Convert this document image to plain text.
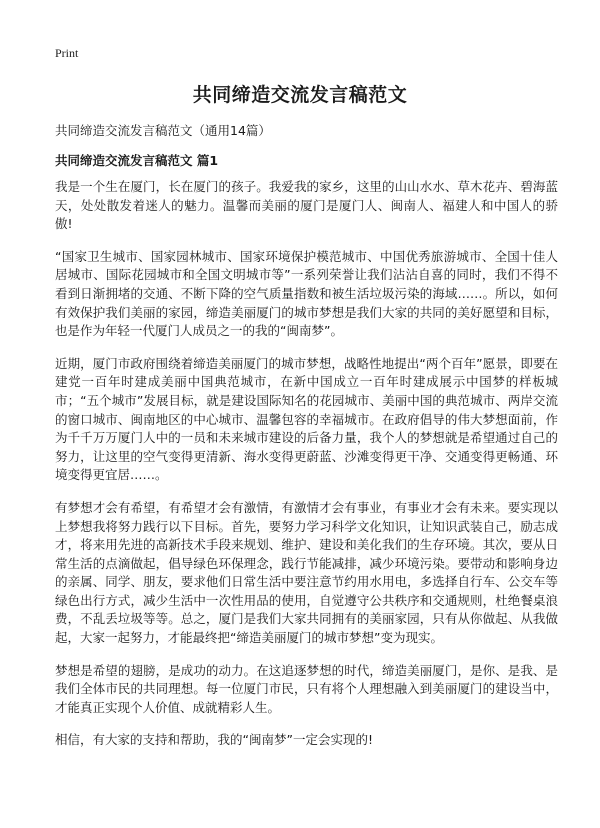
Print
共同缔造交流发言稿范文

共同缔造交流发言稿范文（通用14篇）

共同缔造交流发言稿范文 篇1

我是一个生在厦门，长在厦门的孩子。我爱我的家乡，这里的山山水水、草木花卉、碧海蓝天，处处散发着迷人的魅力。温馨而美丽的厦门是厦门人、闽南人、福建人和中国人的骄傲!

“国家卫生城市、国家园林城市、国家环境保护模范城市、中国优秀旅游城市、全国十佳人居城市、国际花园城市和全国文明城市等”一系列荣誉让我们沾沾自喜的同时，我们不得不看到日渐拥堵的交通、不断下降的空气质量指数和被生活垃圾污染的海域……。所以，如何有效保护我们美丽的家园，缔造美丽厦门的城市梦想是我们大家的共同的美好愿望和目标，也是作为年轻一代厦门人成员之一的我的“闽南梦”。

近期，厦门市政府围绕着缔造美丽厦门的城市梦想，战略性地提出“两个百年”愿景，即要在建党一百年时建成美丽中国典范城市，在新中国成立一百年时建成展示中国梦的样板城市；“五个城市”发展目标，就是建设国际知名的花园城市、美丽中国的典范城市、两岸交流的窗口城市、闽南地区的中心城市、温馨包容的幸福城市。在政府倡导的伟大梦想面前，作为千千万万厦门人中的一员和未来城市建设的后备力量，我个人的梦想就是希望通过自己的努力，让这里的空气变得更清新、海水变得更蔚蓝、沙滩变得更干净、交通变得更畅通、环境变得更宜居……。

有梦想才会有希望，有希望才会有激情，有激情才会有事业，有事业才会有未来。要实现以上梦想我将努力践行以下目标。首先，要努力学习科学文化知识，让知识武装自己，励志成才，将来用先进的高新技术手段来规划、维护、建设和美化我们的生存环境。其次，要从日常生活的点滴做起，倡导绿色环保理念，践行节能减排，减少环境污染。要带动和影响身边的亲属、同学、朋友，要求他们日常生活中要注意节约用水用电，多选择自行车、公交车等绿色出行方式，减少生活中一次性用品的使用，自觉遵守公共秩序和交通规则，杜绝餐桌浪费，不乱丢垃圾等等。总之，厦门是我们大家共同拥有的美丽家园，只有从你做起、从我做起，大家一起努力，才能最终把“缔造美丽厦门的城市梦想”变为现实。

梦想是希望的翅膀，是成功的动力。在这追逐梦想的时代，缔造美丽厦门，是你、是我、是我们全体市民的共同理想。每一位厦门市民，只有将个人理想融入到美丽厦门的建设当中，才能真正实现个人价值、成就精彩人生。

相信，有大家的支持和帮助，我的“闽南梦”一定会实现的!
